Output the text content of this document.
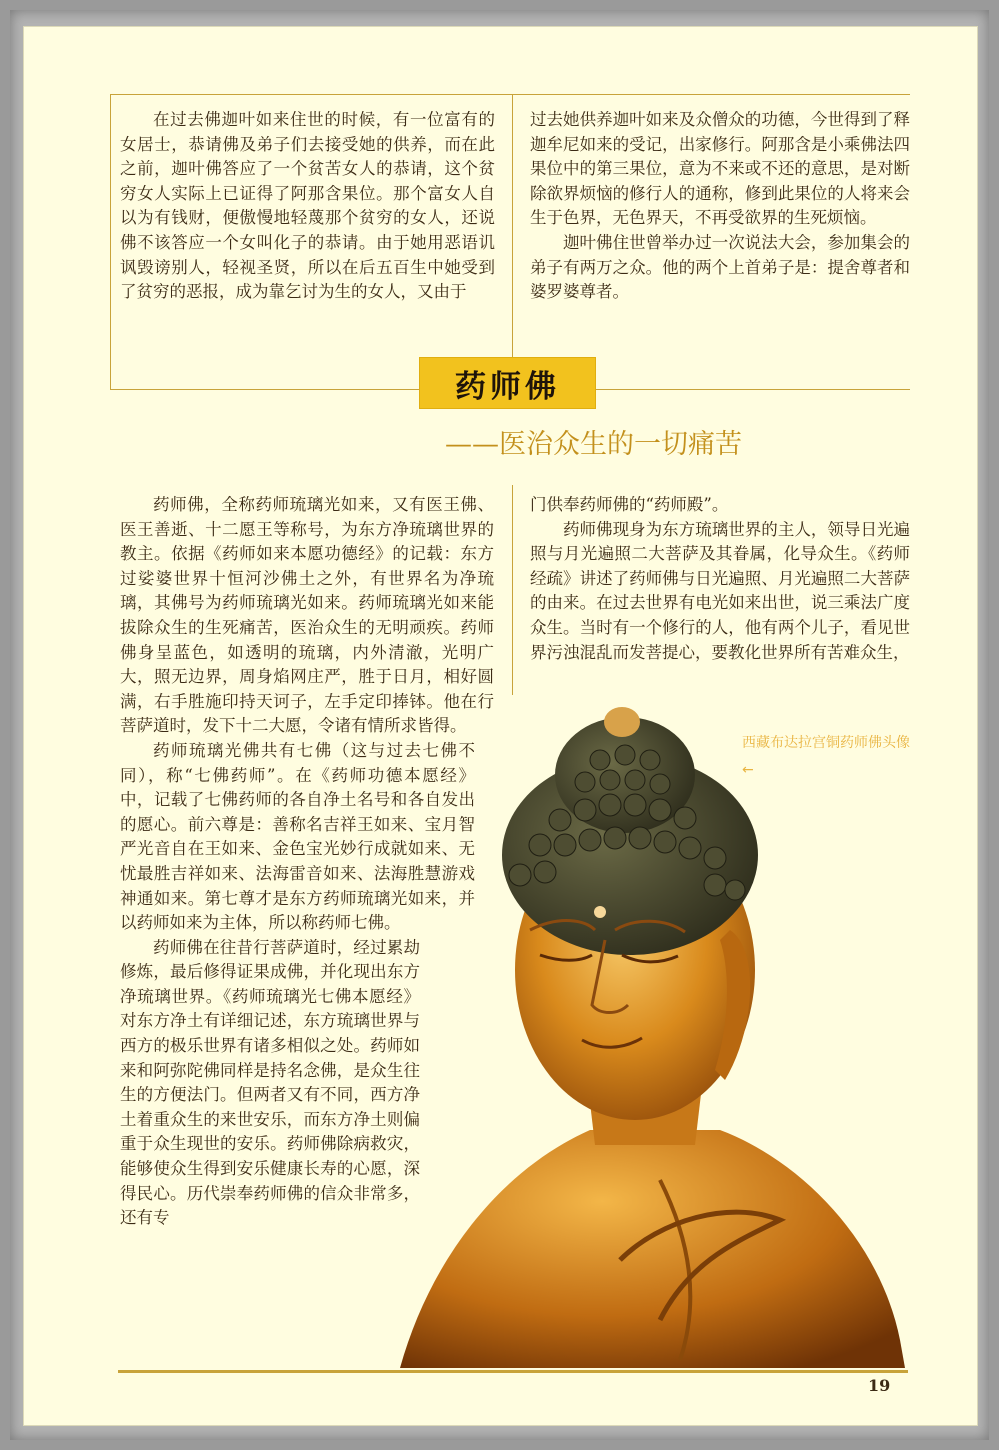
在过去佛迦叶如来住世的时候，有一位富有的女居士，恭请佛及弟子们去接受她的供养，而在此之前，迦叶佛答应了一个贫苦女人的恭请，这个贫穷女人实际上已证得了阿那含果位。那个富女人自以为有钱财，便傲慢地轻蔑那个贫穷的女人，还说佛不该答应一个女叫化子的恭请。由于她用恶语讥讽毁谤别人，轻视圣贤，所以在后五百生中她受到了贫穷的恶报，成为靠乞讨为生的女人，又由于

过去她供养迦叶如来及众僧众的功德，今世得到了释迦牟尼如来的受记，出家修行。阿那含是小乘佛法四果位中的第三果位，意为不来或不还的意思，是对断除欲界烦恼的修行人的通称，修到此果位的人将来会生于色界，无色界天，不再受欲界的生死烦恼。

迦叶佛住世曾举办过一次说法大会，参加集会的弟子有两万之众。他的两个上首弟子是：提舍尊者和婆罗婆尊者。

药师佛
——医治众生的一切痛苦

药师佛，全称药师琉璃光如来，又有医王佛、医王善逝、十二愿王等称号，为东方净琉璃世界的教主。依据《药师如来本愿功德经》的记载：东方过娑婆世界十恒河沙佛土之外，有世界名为净琉璃，其佛号为药师琉璃光如来。药师琉璃光如来能拔除众生的生死痛苦，医治众生的无明顽疾。药师佛身呈蓝色，如透明的琉璃，内外清澈，光明广大，照无边界，周身焰网庄严，胜于日月，相好圆满，右手胜施印持天诃子，左手定印捧钵。他在行菩萨道时，发下十二大愿，令诸有情所求皆得。

药师琉璃光佛共有七佛（这与过去七佛不同），称“七佛药师”。在《药师功德本愿经》中，记载了七佛药师的各自净土名号和各自发出的愿心。前六尊是：善称名吉祥王如来、宝月智严光音自在王如来、金色宝光妙行成就如来、无忧最胜吉祥如来、法海雷音如来、法海胜慧游戏神通如来。第七尊才是东方药师琉璃光如来，并以药师如来为主体，所以称药师七佛。

药师佛在往昔行菩萨道时，经过累劫修炼，最后修得证果成佛，并化现出东方净琉璃世界。《药师琉璃光七佛本愿经》对东方净土有详细记述，东方琉璃世界与西方的极乐世界有诸多相似之处。药师如来和阿弥陀佛同样是持名念佛，是众生往生的方便法门。但两者又有不同，西方净土着重众生的来世安乐，而东方净土则偏重于众生现世的安乐。药师佛除病救灾，能够使众生得到安乐健康长寿的心愿，深得民心。历代崇奉药师佛的信众非常多，还有专

门供奉药师佛的“药师殿”。

药师佛现身为东方琉璃世界的主人，领导日光遍照与月光遍照二大菩萨及其眷属，化导众生。《药师经疏》讲述了药师佛与日光遍照、月光遍照二大菩萨的由来。在过去世界有电光如来出世，说三乘法广度众生。当时有一个修行的人，他有两个儿子，看见世界污浊混乱而发菩提心，要教化世界所有苦难众生，

西藏布达拉宫铜药师佛头像 ←
19
